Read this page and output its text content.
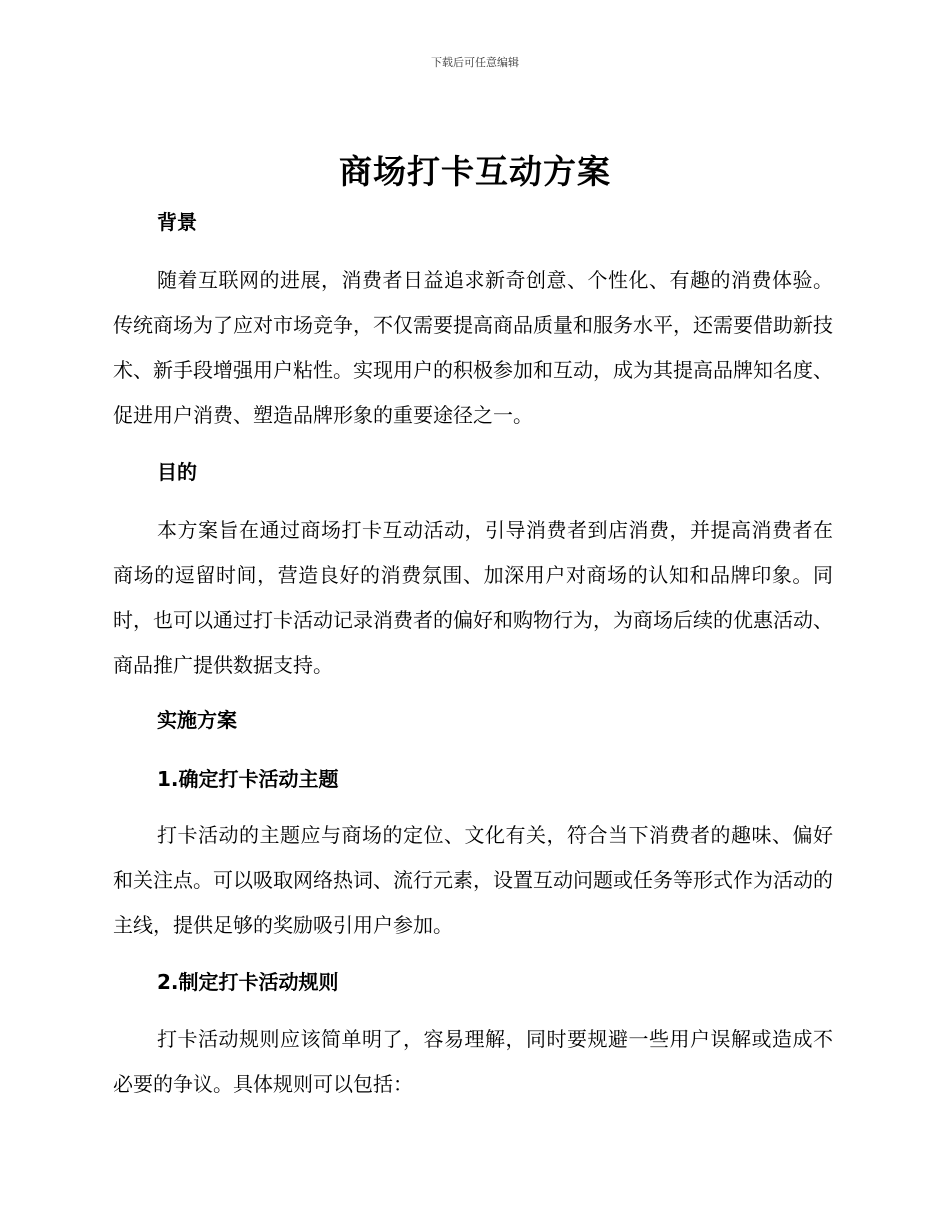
下载后可任意编辑
商场打卡互动方案
背景

随着互联网的进展，消费者日益追求新奇创意、个性化、有趣的消费体验。传统商场为了应对市场竞争，不仅需要提高商品质量和服务水平，还需要借助新技术、新手段增强用户粘性。实现用户的积极参加和互动，成为其提高品牌知名度、促进用户消费、塑造品牌形象的重要途径之一。

目的

本方案旨在通过商场打卡互动活动，引导消费者到店消费，并提高消费者在商场的逗留时间，营造良好的消费氛围、加深用户对商场的认知和品牌印象。同时，也可以通过打卡活动记录消费者的偏好和购物行为，为商场后续的优惠活动、商品推广提供数据支持。

实施方案
1.确定打卡活动主题

打卡活动的主题应与商场的定位、文化有关，符合当下消费者的趣味、偏好和关注点。可以吸取网络热词、流行元素，设置互动问题或任务等形式作为活动的主线，提供足够的奖励吸引用户参加。

2.制定打卡活动规则

打卡活动规则应该简单明了，容易理解，同时要规避一些用户误解或造成不必要的争议。具体规则可以包括：
